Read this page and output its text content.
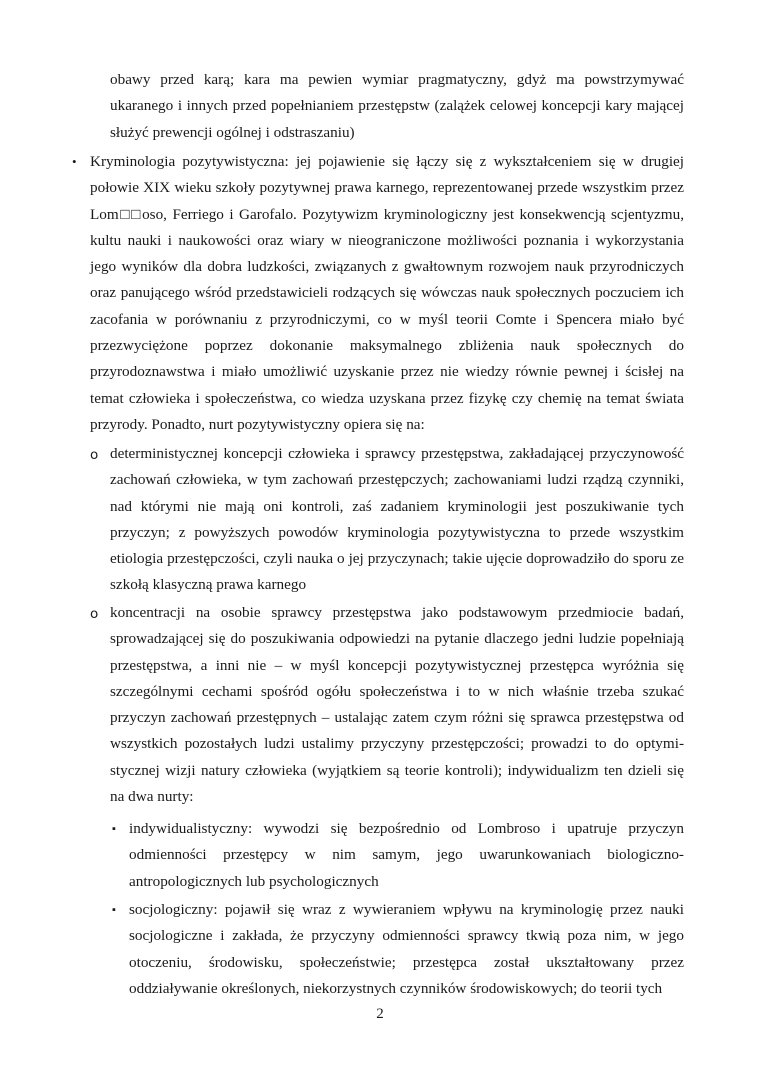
obawy przed karą; kara ma pewien wymiar pragmatyczny, gdyż ma powstrzymywać ukaranego i innych przed popełnianiem przestępstw (zalążek celowej koncepcji kary mającej służyć prewencji ogólnej i odstraszaniu)

• Kryminologia pozytywistyczna: jej pojawienie się łączy się z wykształceniem się w drugiej połowie XIX wieku szkoły pozytywnej prawa karnego, reprezentowanej przede wszystkim przez Lom□□oso, Ferriego i Garofalo. Pozytywizm kryminologiczny jest konsekwencją scjentyzmu, kultu nauki i naukowości oraz wiary w nieograniczone możliwości poznania i wykorzystania jego wyników dla dobra ludzkości, związanych z gwałtownym rozwojem nauk przyrodniczych oraz panującego wśród przedstawicieli rodzących się wówczas nauk społecznych poczuciem ich zacofania w porównaniu z przyrodniczymi, co w myśl teorii Comte i Spencera miało być przezwyciężone poprzez dokonanie maksymalnego zbliżenia nauk społecznych do przyrodoznawstwa i miało umożliwić uzyskanie przez nie wiedzy równie pewnej i ścisłej na temat człowieka i społeczeństwa, co wiedza uzyskana przez fizykę czy chemię na temat świata przyrody. Ponadto, nurt pozytywistyczny opiera się na:

o deterministycznej koncepcji człowieka i sprawcy przestępstwa, zakładającej przyczynowość zachowań człowieka, w tym zachowań przestępczych; zachowaniami ludzi rządzą czynniki, nad którymi nie mają oni kontroli, zaś zadaniem kryminologii jest poszukiwanie tych przyczyn; z powyższych powodów kryminologia pozytywistyczna to przede wszystkim etiologia przestępczości, czyli nauka o jej przyczynach; takie ujęcie doprowadziło do sporu ze szkołą klasyczną prawa karnego

o koncentracji na osobie sprawcy przestępstwa jako podstawowym przedmiocie badań, sprowadzającej się do poszukiwania odpowiedzi na pytanie dlaczego jedni ludzie popełniają przestępstwa, a inni nie – w myśl koncepcji pozytywistycznej przestępca wyróżnia się szczególnymi cechami spośród ogółu społeczeństwa i to w nich właśnie trzeba szukać przyczyn zachowań przestępnych – ustalając zatem czym różni się sprawca przestępstwa od wszystkich pozostałych ludzi ustalimy przyczyny przestępczości; prowadzi to do optymi-stycznej wizji natury człowieka (wyjątkiem są teorie kontroli); indywidualizm ten dzieli się na dwa nurty:

▪ indywidualistyczny: wywodzi się bezpośrednio od Lombroso i upatruje przyczyn odmienności przestępcy w nim samym, jego uwarunkowaniach biologiczno-antropologicznych lub psychologicznych

▪ socjologiczny: pojawił się wraz z wywieraniem wpływu na kryminologię przez nauki socjologiczne i zakłada, że przyczyny odmienności sprawcy tkwią poza nim, w jego otoczeniu, środowisku, społeczeństwie; przestępca został ukształtowany przez oddziaływanie określonych, niekorzystnych czynników środowiskowych; do teorii tych

2
